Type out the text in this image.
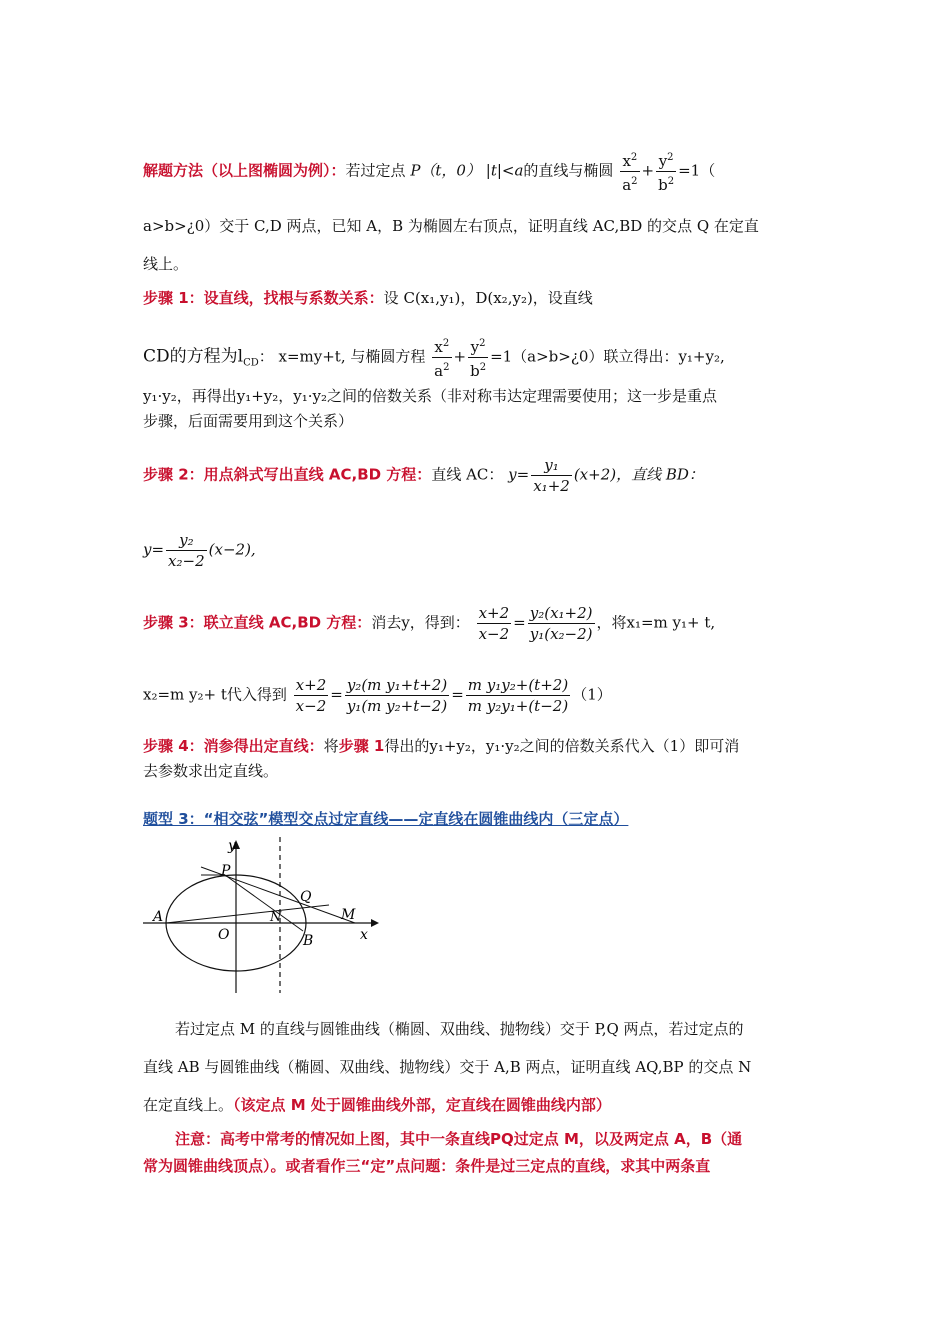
解题方法（以上图椭圆为例）：若过定点 P（t，0） |t|<a的直线与椭圆 $\frac{x^2}{a^2} + \frac{y^2}{b^2} =1$（
a>b>¿0）交于 C,D 两点，已知 A，B 为椭圆左右顶点，证明直线 AC,BD 的交点 Q 在定直
线上。
步骤 1：设直线，找根与系数关系：设 C(x₁,y₁)，D(x₂,y₂)，设直线
CD的方程为$l_{CD}$： x=my+t, 与椭圆方程 $\frac{x^2}{a^2} + \frac{y^2}{b^2}$ =1（a>b>¿0）联立得出：y₁+y₂,
y₁·y₂，再得出y₁+y₂，y₁·y₂之间的倍数关系（非对称韦达定理需要使用；这一步是重点
步骤，后面需要用到这个关系）
步骤 2：用点斜式写出直线 AC,BD 方程：直线 AC： $y= \frac{\text{y₁}}{\text{x₁+2}} (x+2)$，直线 BD：
$y= \frac{\text{y₂}}{\text{x₂−2}} (x-2)$,
步骤 3：联立直线 AC,BD 方程：消去y，得到： $\frac{x+2}{x-2} = \frac{\text{y₂(x₁+2)}}{\text{y₁(x₂−2)}}$ ，将x₁=m y₁+ t,
x₂=m y₂+ t代入得到 $\frac{x+2}{x-2} = \frac{\text{y₂(m y₁+t+2)}}{\text{y₁(m y₂+t−2)}} = \frac{\text{m y₁y₂+(t+2)}}{\text{m y₂y₁+(t−2)}} (1)$
步骤 4：消参得出定直线：将步骤 1得出的y₁+y₂，y₁·y₂之间的倍数关系代入（1）即可消
去参数求出定直线。
题型 3：“相交弦”模型交点过定直线——定直线在圆锥曲线内（三定点）
y
P
Q
A	N	M
O	B	x
若过定点 M 的直线与圆锥曲线（椭圆、双曲线、抛物线）交于 P,Q 两点，若过定点的
直线 AB 与圆锥曲线（椭圆、双曲线、抛物线）交于 A,B 两点，证明直线 AQ,BP 的交点 N
在定直线上。（该定点 M 处于圆锥曲线外部，定直线在圆锥曲线内部）
注意：高考中常考的情况如上图，其中一条直线PQ过定点 M，以及两定点 A，B（通
常为圆锥曲线顶点）。或者看作三“定”点问题：条件是过三定点的直线，求其中两条直
